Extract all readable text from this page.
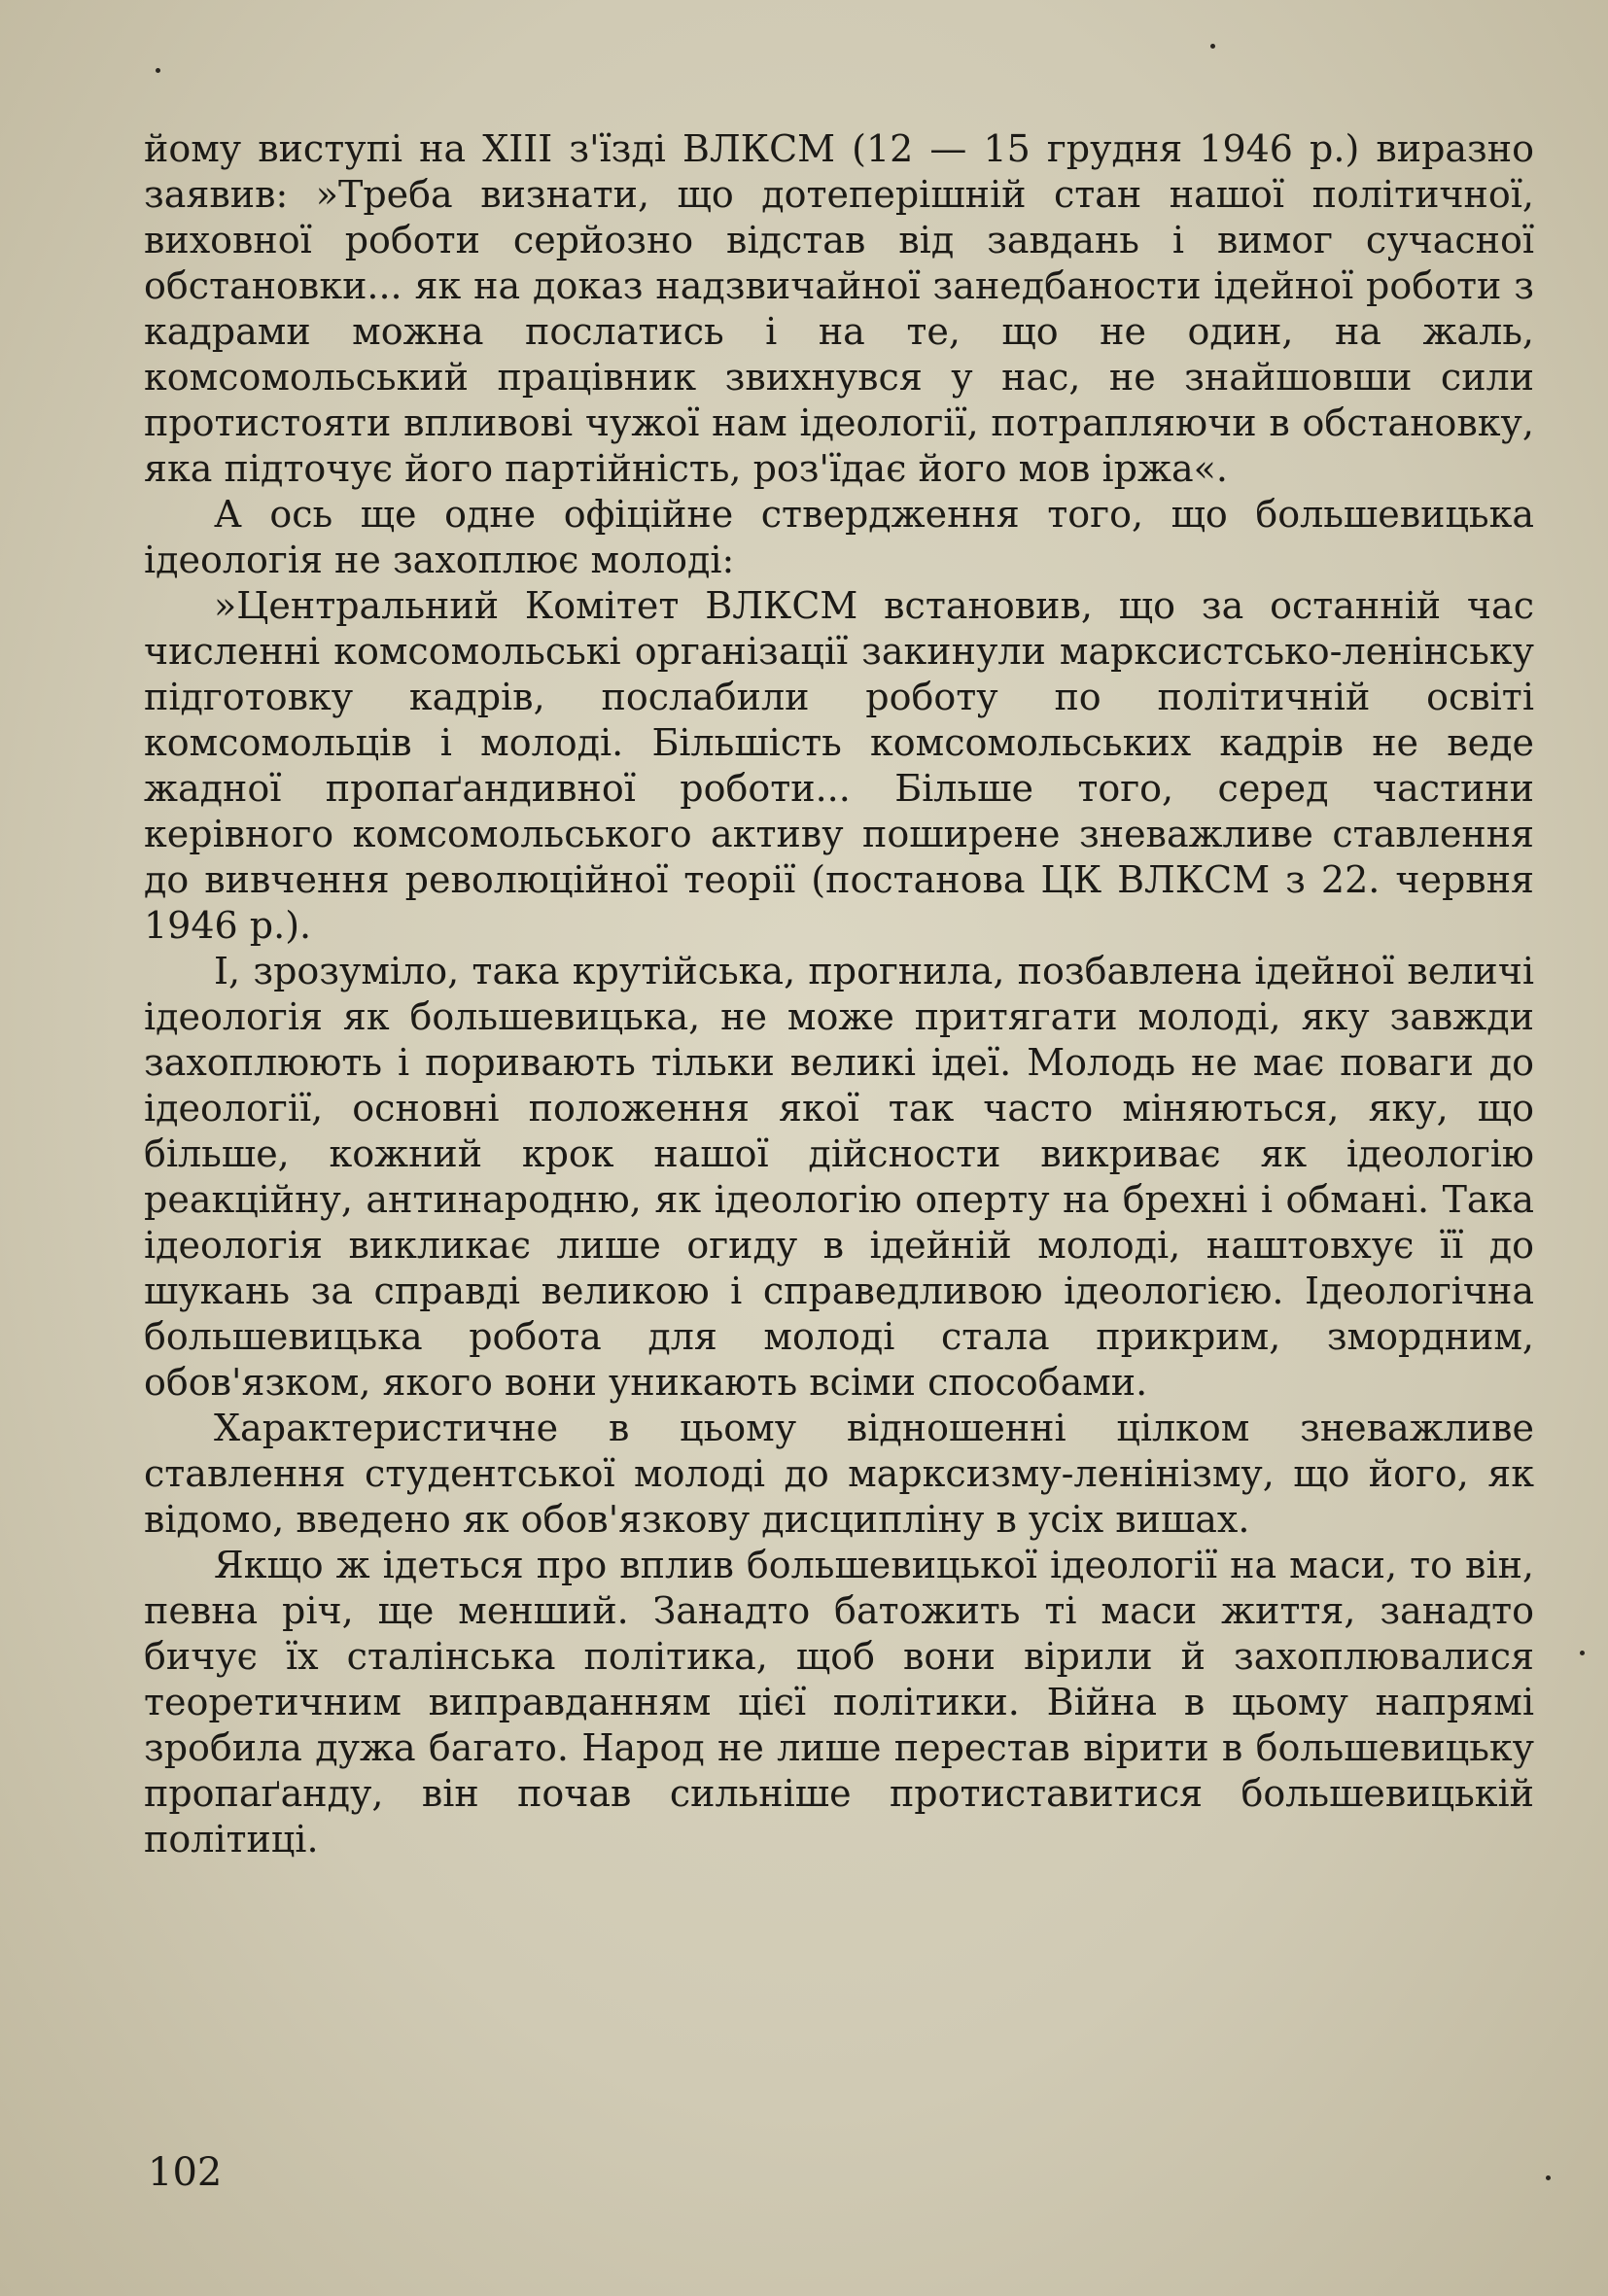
йому виступі на XIII з'їзді ВЛКСМ (12 — 15 грудня 1946 р.) виразно заявив: »Треба визнати, що дотеперішній стан нашої політичної, виховної роботи серйозно відстав від завдань і вимог сучасної обстановки... як на доказ надзвичайної занедбаности ідейної роботи з кадрами можна послатись і на те, що не один, на жаль, комсомольський працівник звихнувся у нас, не знайшовши сили протистояти впливові чужої нам ідеології, потрапляючи в обстановку, яка підточує його партійність, роз'їдає його мов іржа«.

А ось ще одне офіційне ствердження того, що большевицька ідеологія не захоплює молоді:

»Центральний Комітет ВЛКСМ встановив, що за останній час численні комсомольські організації закинули марксистсько-ленінську підготовку кадрів, послабили роботу по політичній освіті комсомольців і молоді. Більшість комсомольських кадрів не веде жадної пропаґандивної роботи... Більше того, серед частини керівного комсомольського активу поширене зневажливе ставлення до вивчення революційної теорії (постанова ЦК ВЛКСМ з 22. червня 1946 р.).

І, зрозуміло, така крутійська, прогнила, позбавлена ідейної величі ідеологія як большевицька, не може притягати молоді, яку завжди захоплюють і поривають тільки великі ідеї. Молодь не має поваги до ідеології, основні положення якої так часто міняються, яку, що більше, кожний крок нашої дійсности викриває як ідеологію реакційну, антинародню, як ідеологію оперту на брехні і обмані. Така ідеологія викликає лише огиду в ідейній молоді, наштовхує її до шукань за справді великою і справедливою ідеологією. Ідеологічна большевицька робота для молоді стала прикрим, змордним, обов'язком, якого вони уникають всіми способами.

Характеристичне в цьому відношенні цілком зневажливе ставлення студентської молоді до марксизму-ленінізму, що його, як відомо, введено як обов'язкову дисципліну в усіх вишах.

Якщо ж ідеться про вплив большевицької ідеології на маси, то він, певна річ, ще менший. Занадто батожить ті маси життя, занадто бичує їх сталінська політика, щоб вони вірили й захоплювалися теоретичним виправданням цієї політики. Війна в цьому напрямі зробила дужа багато. Народ не лише перестав вірити в большевицьку пропаґанду, він почав сильніше протиставитися большевицькій політиці.

102
